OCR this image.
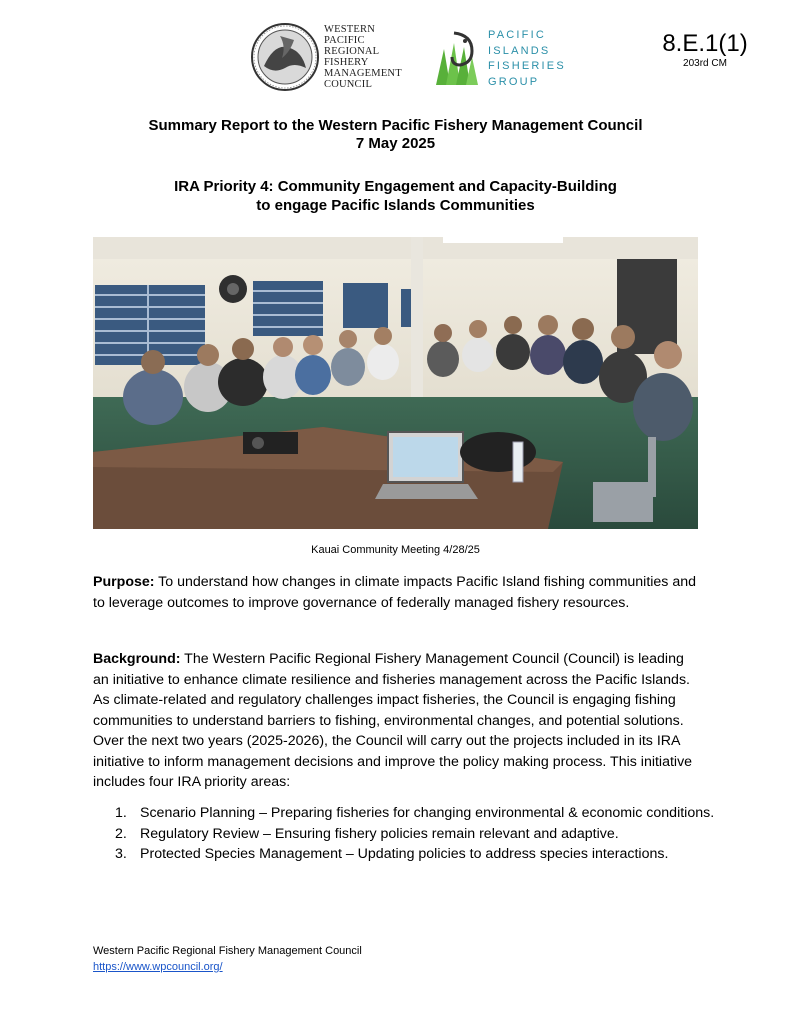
WESTERN
PACIFIC
REGIONAL
FISHERY
MANAGEMENT
COUNCIL
PACIFIC
ISLANDS
FISHERIES
GROUP
8.E.1(1)
203rd CM
Summary Report to the Western Pacific Fishery Management Council
7 May 2025
IRA Priority 4: Community Engagement and Capacity-Building
to engage Pacific Islands Communities
Kauai Community Meeting 4/28/25
Purpose: To understand how changes in climate impacts Pacific Island fishing communities and to leverage outcomes to improve governance of federally managed fishery resources.
Background: The Western Pacific Regional Fishery Management Council (Council) is leading an initiative to enhance climate resilience and fisheries management across the Pacific Islands. As climate-related and regulatory challenges impact fisheries, the Council is engaging fishing communities to understand barriers to fishing, environmental changes, and potential solutions. Over the next two years (2025-2026), the Council will carry out the projects included in its IRA initiative to inform management decisions and improve the policy making process. This initiative includes four IRA priority areas:
1. Scenario Planning – Preparing fisheries for changing environmental & economic conditions.
2. Regulatory Review – Ensuring fishery policies remain relevant and adaptive.
3. Protected Species Management – Updating policies to address species interactions.
Western Pacific Regional Fishery Management Council
https://www.wpcouncil.org/
